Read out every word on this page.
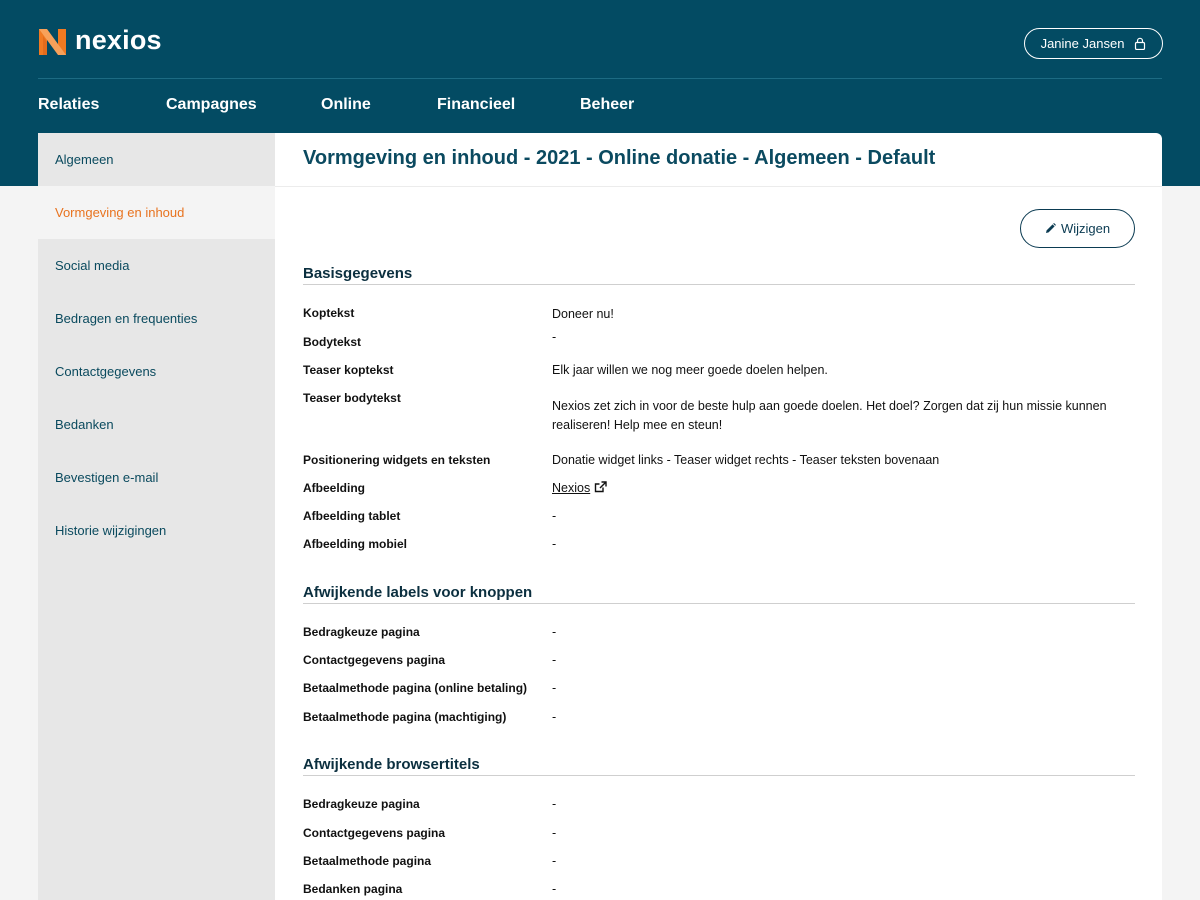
nexios	Janine Jansen
Relaties	Campagnes	Online	Financieel	Beheer
Algemeen
Vormgeving en inhoud
Social media
Bedragen en frequenties
Contactgegevens
Bedanken
Bevestigen e-mail
Historie wijzigingen
Vormgeving en inhoud - 2021 - Online donatie - Algemeen - Default
Wijzigen
Basisgegevens
Koptekst	Doneer nu!
Bodytekst	-
Teaser koptekst	Elk jaar willen we nog meer goede doelen helpen.
Teaser bodytekst
Nexios zet zich in voor de beste hulp aan goede doelen. Het doel? Zorgen dat zij hun missie kunnen realiseren! Help mee en steun!
Positionering widgets en teksten	Donatie widget links - Teaser widget rechts - Teaser teksten bovenaan
Afbeelding	Nexios
Afbeelding tablet	-
Afbeelding mobiel	-
Afwijkende labels voor knoppen
Bedragkeuze pagina	-
Contactgegevens pagina	-
Betaalmethode pagina (online betaling) -
Betaalmethode pagina (machtiging)	-
Afwijkende browsertitels
Bedragkeuze pagina	-
Contactgegevens pagina	-
Betaalmethode pagina	-
Bedanken pagina	-
